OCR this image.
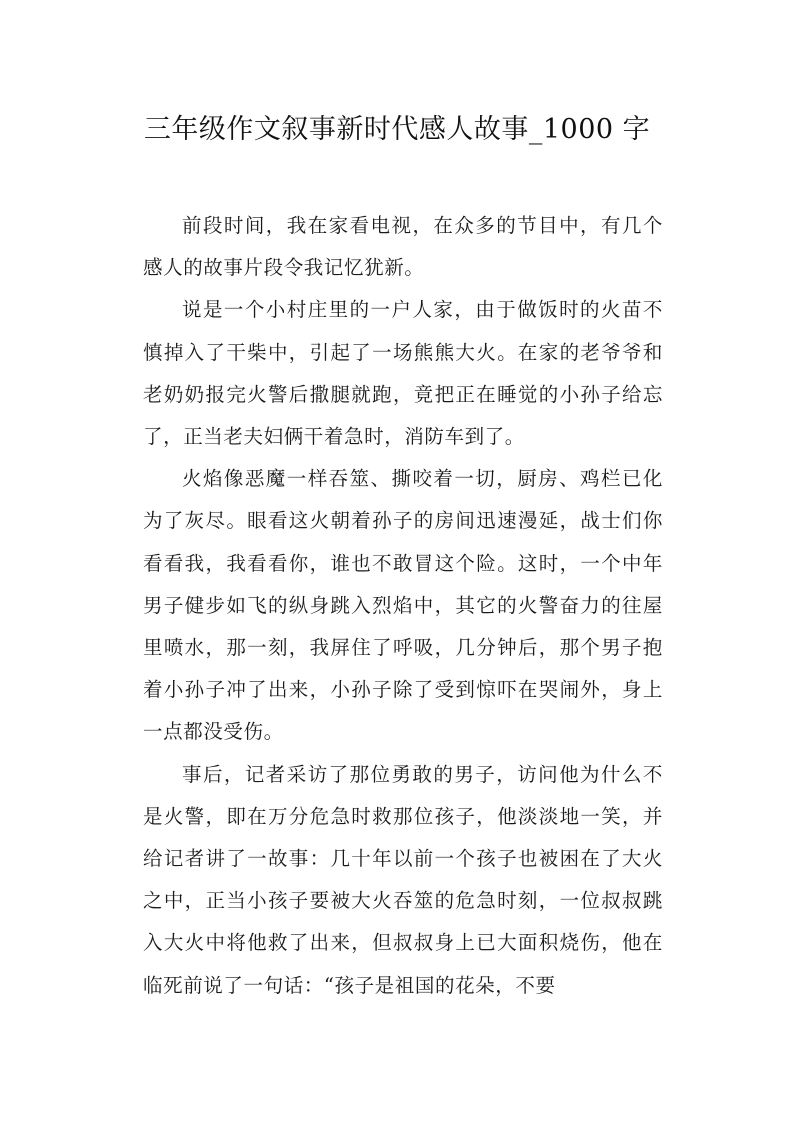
三年级作文叙事新时代感人故事_1000 字

前段时间，我在家看电视，在众多的节目中，有几个感人的故事片段令我记忆犹新。

说是一个小村庄里的一户人家，由于做饭时的火苗不慎掉入了干柴中，引起了一场熊熊大火。在家的老爷爷和老奶奶报完火警后撒腿就跑，竟把正在睡觉的小孙子给忘了，正当老夫妇俩干着急时，消防车到了。

火焰像恶魔一样吞筮、撕咬着一切，厨房、鸡栏已化为了灰尽。眼看这火朝着孙子的房间迅速漫延，战士们你看看我，我看看你，谁也不敢冒这个险。这时，一个中年男子健步如飞的纵身跳入烈焰中，其它的火警奋力的往屋里喷水，那一刻，我屏住了呼吸，几分钟后，那个男子抱着小孙子冲了出来，小孙子除了受到惊吓在哭闹外，身上一点都没受伤。

事后，记者采访了那位勇敢的男子，访问他为什么不是火警，即在万分危急时救那位孩子，他淡淡地一笑，并给记者讲了一故事：几十年以前一个孩子也被困在了大火之中，正当小孩子要被大火吞筮的危急时刻，一位叔叔跳入大火中将他救了出来，但叔叔身上已大面积烧伤，他在临死前说了一句话：“孩子是祖国的花朵，不要
